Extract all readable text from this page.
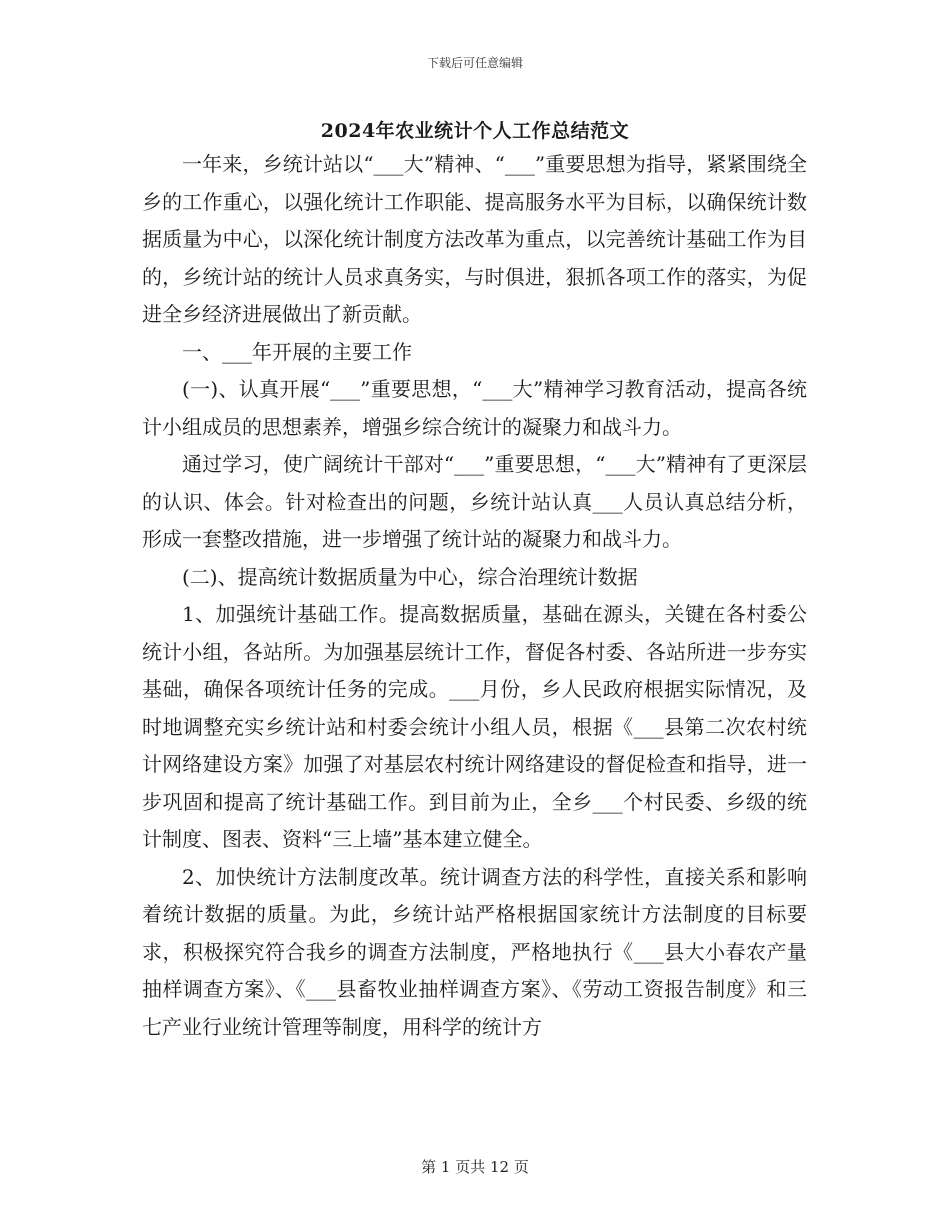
下载后可任意编辑
2024年农业统计个人工作总结范文

一年来，乡统计站以“___大”精神、“___”重要思想为指导，紧紧围绕全乡的工作重心，以强化统计工作职能、提高服务水平为目标，以确保统计数据质量为中心，以深化统计制度方法改革为重点，以完善统计基础工作为目的，乡统计站的统计人员求真务实，与时俱进，狠抓各项工作的落实，为促进全乡经济进展做出了新贡献。

一、___年开展的主要工作

(一)、认真开展“___”重要思想，“___大”精神学习教育活动，提高各统计小组成员的思想素养，增强乡综合统计的凝聚力和战斗力。

通过学习，使广阔统计干部对“___”重要思想，“___大”精神有了更深层的认识、体会。针对检查出的问题，乡统计站认真___人员认真总结分析，形成一套整改措施，进一步增强了统计站的凝聚力和战斗力。

(二)、提高统计数据质量为中心，综合治理统计数据

1、加强统计基础工作。提高数据质量，基础在源头，关键在各村委公统计小组，各站所。为加强基层统计工作，督促各村委、各站所进一步夯实基础，确保各项统计任务的完成。___月份，乡人民政府根据实际情况，及时地调整充实乡统计站和村委会统计小组人员，根据《___县第二次农村统计网络建设方案》加强了对基层农村统计网络建设的督促检查和指导，进一步巩固和提高了统计基础工作。到目前为止，全乡___个村民委、乡级的统计制度、图表、资料“三上墙”基本建立健全。

2、加快统计方法制度改革。统计调查方法的科学性，直接关系和影响着统计数据的质量。为此，乡统计站严格根据国家统计方法制度的目标要求，积极探究符合我乡的调查方法制度，严格地执行《___县大小春农产量抽样调查方案》、《___县畜牧业抽样调查方案》、《劳动工资报告制度》和三七产业行业统计管理等制度，用科学的统计方

第 1 页共 12 页
